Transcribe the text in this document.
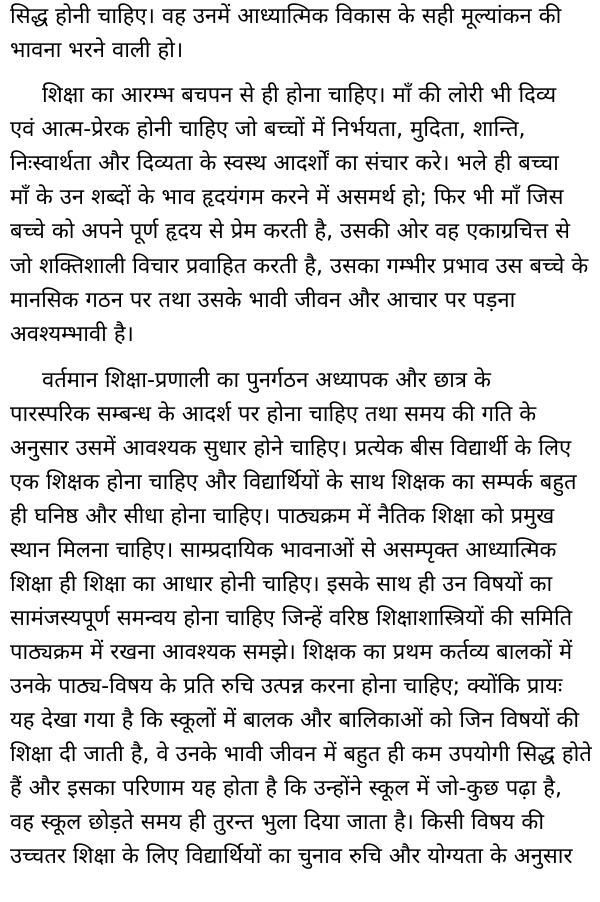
सिद्ध होनी चाहिए। वह उनमें आध्यात्मिक विकास के सही मूल्यांकन की
भावना भरने वाली हो।
शिक्षा का आरम्भ बचपन से ही होना चाहिए। माँ की लोरी भी दिव्य
एवं आत्म-प्रेरक होनी चाहिए जो बच्चों में निर्भयता, मुदिता, शान्ति,
निःस्वार्थता और दिव्यता के स्वस्थ आदर्शों का संचार करे। भले ही बच्चा
माँ के उन शब्दों के भाव हृदयंगम करने में असमर्थ हो; फिर भी माँ जिस
बच्चे को अपने पूर्ण हृदय से प्रेम करती है, उसकी ओर वह एकाग्रचित्त से
जो शक्तिशाली विचार प्रवाहित करती है, उसका गम्भीर प्रभाव उस बच्चे के
मानसिक गठन पर तथा उसके भावी जीवन और आचार पर पड़ना
अवश्यम्भावी है।
वर्तमान शिक्षा-प्रणाली का पुनर्गठन अध्यापक और छात्र के
पारस्परिक सम्बन्ध के आदर्श पर होना चाहिए तथा समय की गति के
अनुसार उसमें आवश्यक सुधार होने चाहिए। प्रत्येक बीस विद्यार्थी के लिए
एक शिक्षक होना चाहिए और विद्यार्थियों के साथ शिक्षक का सम्पर्क बहुत
ही घनिष्ठ और सीधा होना चाहिए। पाठ्यक्रम में नैतिक शिक्षा को प्रमुख
स्थान मिलना चाहिए। साम्प्रदायिक भावनाओं से असम्पृक्त आध्यात्मिक
शिक्षा ही शिक्षा का आधार होनी चाहिए। इसके साथ ही उन विषयों का
सामंजस्यपूर्ण समन्वय होना चाहिए जिन्हें वरिष्ठ शिक्षाशास्त्रियों की समिति
पाठ्यक्रम में रखना आवश्यक समझे। शिक्षक का प्रथम कर्तव्य बालकों में
उनके पाठ्य-विषय के प्रति रुचि उत्पन्न करना होना चाहिए; क्योंकि प्रायः
यह देखा गया है कि स्कूलों में बालक और बालिकाओं को जिन विषयों की
शिक्षा दी जाती है, वे उनके भावी जीवन में बहुत ही कम उपयोगी सिद्ध होते
हैं और इसका परिणाम यह होता है कि उन्होंने स्कूल में जो-कुछ पढ़ा है,
वह स्कूल छोड़ते समय ही तुरन्त भुला दिया जाता है। किसी विषय की
उच्चतर शिक्षा के लिए विद्यार्थियों का चुनाव रुचि और योग्यता के अनुसार
